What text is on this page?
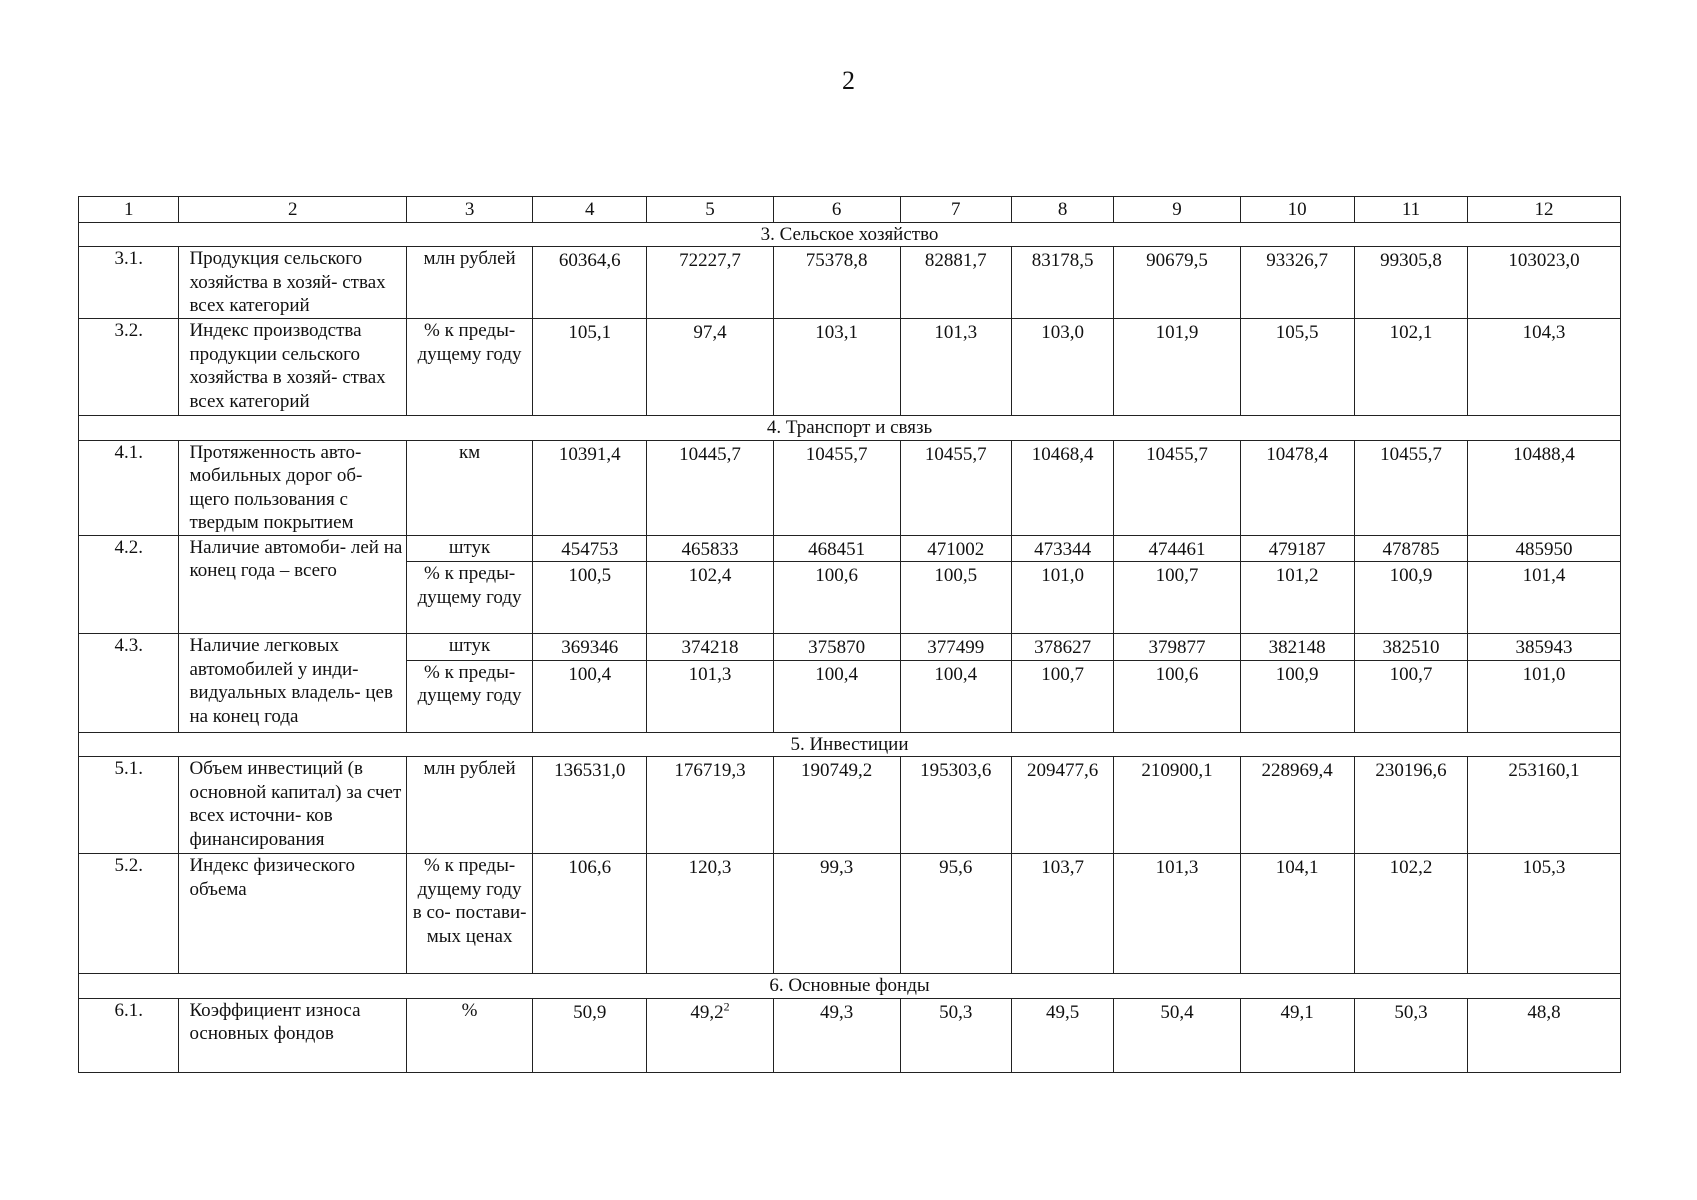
2
1	2	3	4	5	6	7	8	9	10	11	12
3. Сельское хозяйство											
3.1.	Продукция сельского хозяйства в хозяй- ствах всех категорий	млн рублей	60364,6	72227,7	75378,8	82881,7	83178,5	90679,5	93326,7	99305,8	103023,0
3.2.	Индекс производства продукции сельского хозяйства в хозяй- ствах всех категорий	% к преды- дущему году	105,1	97,4	103,1	101,3	103,0	101,9	105,5	102,1	104,3
4. Транспорт и связь											
4.1.	Протяженность авто- мобильных дорог об- щего пользования с твердым покрытием	км	10391,4	10445,7	10455,7	10455,7	10468,4	10455,7	10478,4	10455,7	10488,4
4.2.	Наличие автомоби- лей на конец года – всего	штук	454753	465833	468451	471002	473344	474461	479187	478785	485950
		% к преды- дущему году	100,5	102,4	100,6	100,5	101,0	100,7	101,2	100,9	101,4
4.3.	Наличие легковых автомобилей у инди- видуальных владель- цев на конец года	штук	369346	374218	375870	377499	378627	379877	382148	382510	385943
		% к преды- дущему году	100,4	101,3	100,4	100,4	100,7	100,6	100,9	100,7	101,0
5. Инвестиции											
5.1.	Объем инвестиций (в основной капитал) за счет всех источни- ков финансирования	млн рублей	136531,0	176719,3	190749,2	195303,6	209477,6	210900,1	228969,4	230196,6	253160,1
5.2.	Индекс физического объема	% к преды- дущему году в со- постави- мых ценах	106,6	120,3	99,3	95,6	103,7	101,3	104,1	102,2	105,3
6. Основные фонды											
6.1.	Коэффициент износа основных фондов	%	50,9	49,2$^2$	49,3	50,3	49,5	50,4	49,1	50,3	48,8
